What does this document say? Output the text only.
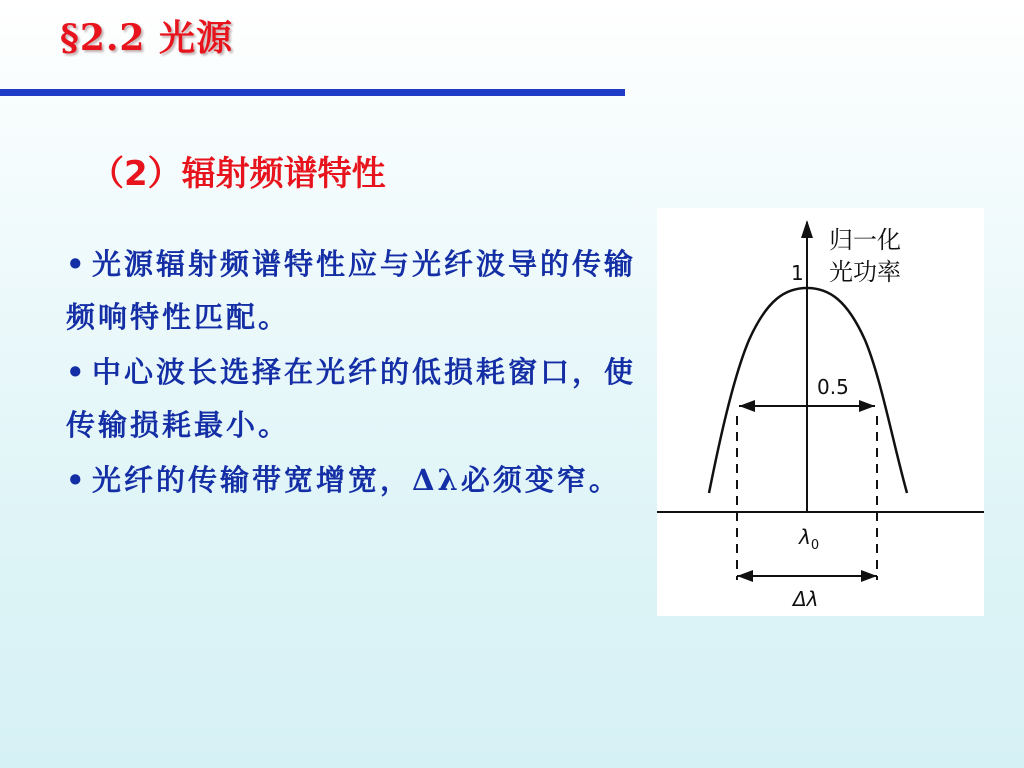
§2.2 光源
（2）辐射频谱特性
• 光源辐射频谱特性应与光纤波导的传输频响特性匹配。
• 中心波长选择在光纤的低损耗窗口，使传输损耗最小。
• 光纤的传输带宽增宽，Δλ必须变窄。
归一化
光功率
1
0.5
$\lambda_0$
Δλ
